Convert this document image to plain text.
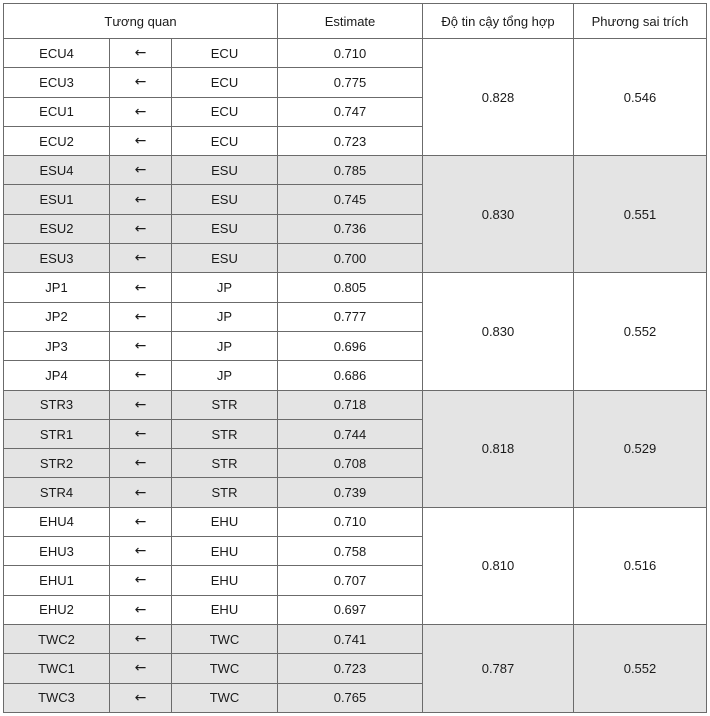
Tương quan			Estimate	Độ tin cậy tổng hợp	Phương sai trích
ECU4	←	ECU	0.710	0.828	0.546
ECU3	←	ECU	0.775		
ECU1	←	ECU	0.747		
ECU2	←	ECU	0.723		
ESU4	←	ESU	0.785	0.830	0.551
ESU1	←	ESU	0.745		
ESU2	←	ESU	0.736		
ESU3	←	ESU	0.700		
JP1	←	JP	0.805	0.830	0.552
JP2	←	JP	0.777		
JP3	←	JP	0.696		
JP4	←	JP	0.686		
STR3	←	STR	0.718	0.818	0.529
STR1	←	STR	0.744		
STR2	←	STR	0.708		
STR4	←	STR	0.739		
EHU4	←	EHU	0.710	0.810	0.516
EHU3	←	EHU	0.758		
EHU1	←	EHU	0.707		
EHU2	←	EHU	0.697		
TWC2	←	TWC	0.741	0.787	0.552
TWC1	←	TWC	0.723		
TWC3	←	TWC	0.765		
